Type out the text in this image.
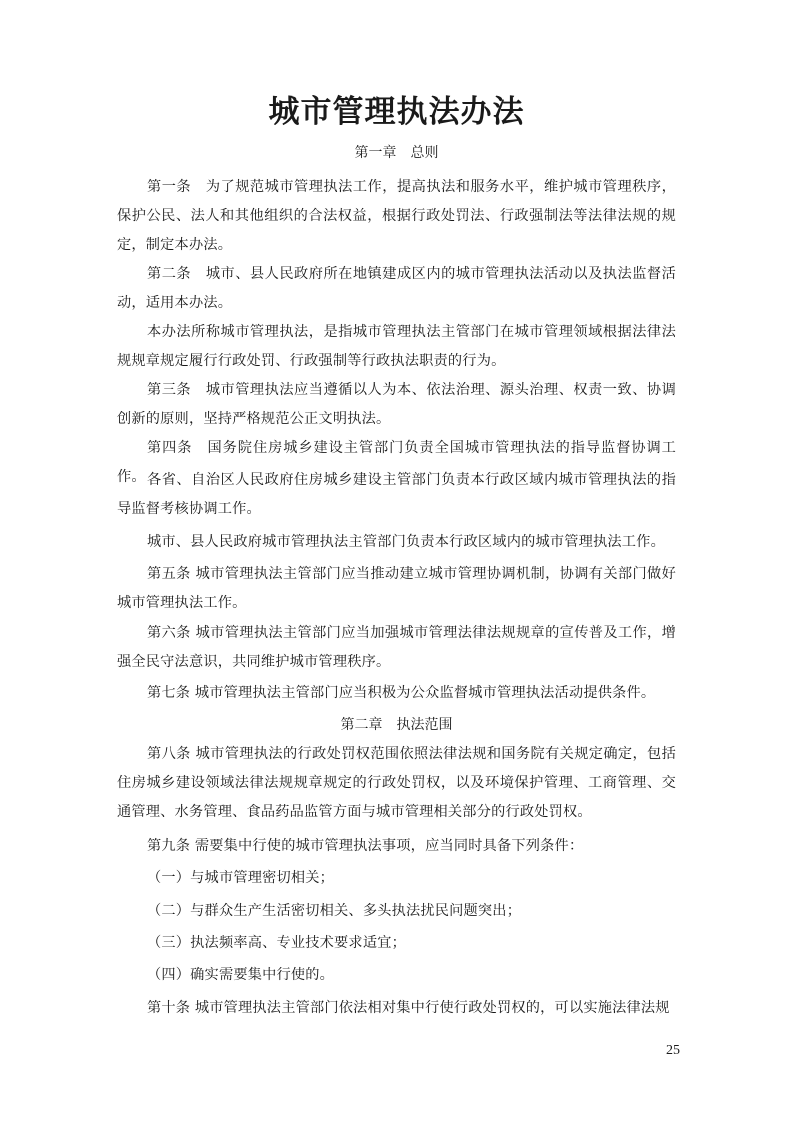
城市管理执法办法
第一章　总则
第一条　为了规范城市管理执法工作，提高执法和服务水平，维护城市管理秩序，保护公民、法人和其他组织的合法权益，根据行政处罚法、行政强制法等法律法规的规定，制定本办法。
第二条　城市、县人民政府所在地镇建成区内的城市管理执法活动以及执法监督活动，适用本办法。
本办法所称城市管理执法，是指城市管理执法主管部门在城市管理领域根据法律法规规章规定履行行政处罚、行政强制等行政执法职责的行为。
第三条　城市管理执法应当遵循以人为本、依法治理、源头治理、权责一致、协调创新的原则，坚持严格规范公正文明执法。
第四条　国务院住房城乡建设主管部门负责全国城市管理执法的指导监督协调工作。 各省、自治区人民政府住房城乡建设主管部门负责本行政区域内城市管理执法的指导监督考核协调工作。
城市、县人民政府城市管理执法主管部门负责本行政区域内的城市管理执法工作。
第五条 城市管理执法主管部门应当推动建立城市管理协调机制，协调有关部门做好城市管理执法工作。
第六条 城市管理执法主管部门应当加强城市管理法律法规规章的宣传普及工作，增强全民守法意识，共同维护城市管理秩序。
第七条 城市管理执法主管部门应当积极为公众监督城市管理执法活动提供条件。
第二章　执法范围
第八条 城市管理执法的行政处罚权范围依照法律法规和国务院有关规定确定，包括住房城乡建设领域法律法规规章规定的行政处罚权，以及环境保护管理、工商管理、交通管理、水务管理、食品药品监管方面与城市管理相关部分的行政处罚权。
第九条 需要集中行使的城市管理执法事项，应当同时具备下列条件：
（一）与城市管理密切相关；
（二）与群众生产生活密切相关、多头执法扰民问题突出；
（三）执法频率高、专业技术要求适宜；
（四）确实需要集中行使的。
第十条 城市管理执法主管部门依法相对集中行使行政处罚权的，可以实施法律法规
25
